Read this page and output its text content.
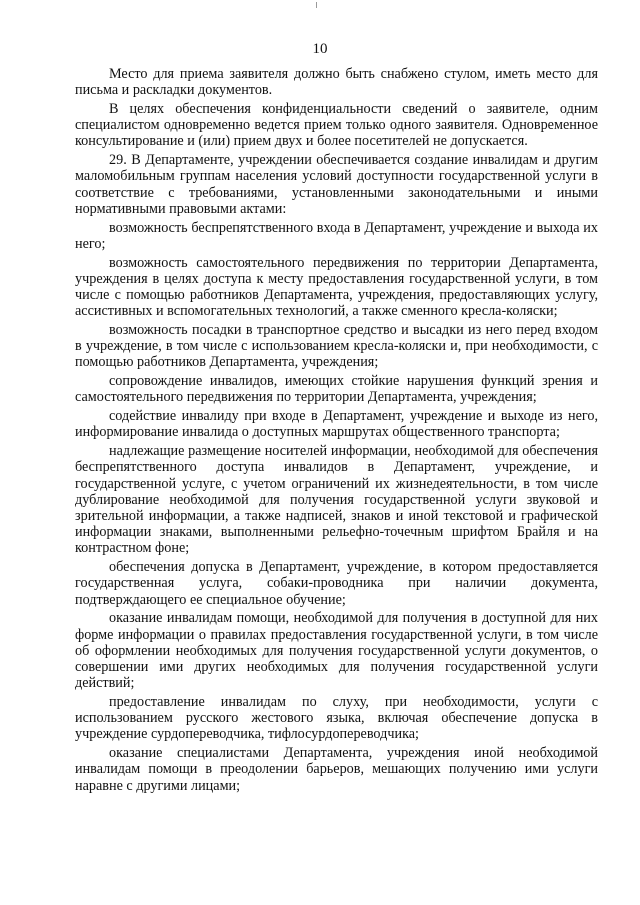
10

Место для приема заявителя должно быть снабжено стулом, иметь место для письма и раскладки документов.

В целях обеспечения конфиденциальности сведений о заявителе, одним специалистом одновременно ведется прием только одного заявителя. Одновременное консультирование и (или) прием двух и более посетителей не допускается.

29. В Департаменте, учреждении обеспечивается создание инвалидам и другим маломобильным группам населения условий доступности государственной услуги в соответствие с требованиями, установленными законодательными и иными нормативными правовыми актами:

возможность беспрепятственного входа в Департамент, учреждение и выхода их него;

возможность самостоятельного передвижения по территории Департамента, учреждения в целях доступа к месту предоставления государственной услуги, в том числе с помощью работников Департамента, учреждения, предоставляющих услугу, ассистивных и вспомогательных технологий, а также сменного кресла-коляски;

возможность посадки в транспортное средство и высадки из него перед входом в учреждение, в том числе с использованием кресла-коляски и, при необходимости, с помощью работников Департамента, учреждения;

сопровождение инвалидов, имеющих стойкие нарушения функций зрения и самостоятельного передвижения по территории Департамента, учреждения;

содействие инвалиду при входе в Департамент, учреждение и выходе из него, информирование инвалида о доступных маршрутах общественного транспорта;

надлежащие размещение носителей информации, необходимой для обеспечения беспрепятственного доступа инвалидов в Департамент, учреждение, и государственной услуге, с учетом ограничений их жизнедеятельности, в том числе дублирование необходимой для получения государственной услуги звуковой и зрительной информации, а также надписей, знаков и иной текстовой и графической информации знаками, выполненными рельефно-точечным шрифтом Брайля и на контрастном фоне;

обеспечения допуска в Департамент, учреждение, в котором предоставляется государственная услуга, собаки-проводника при наличии документа, подтверждающего ее специальное обучение;

оказание инвалидам помощи, необходимой для получения в доступной для них форме информации о правилах предоставления государственной услуги, в том числе об оформлении необходимых для получения государственной услуги документов, о совершении ими других необходимых для получения государственной услуги действий;

предоставление инвалидам по слуху, при необходимости, услуги с использованием русского жестового языка, включая обеспечение допуска в учреждение сурдопереводчика, тифлосурдопереводчика;

оказание специалистами Департамента, учреждения иной необходимой инвалидам помощи в преодолении барьеров, мешающих получению ими услуги наравне с другими лицами;
